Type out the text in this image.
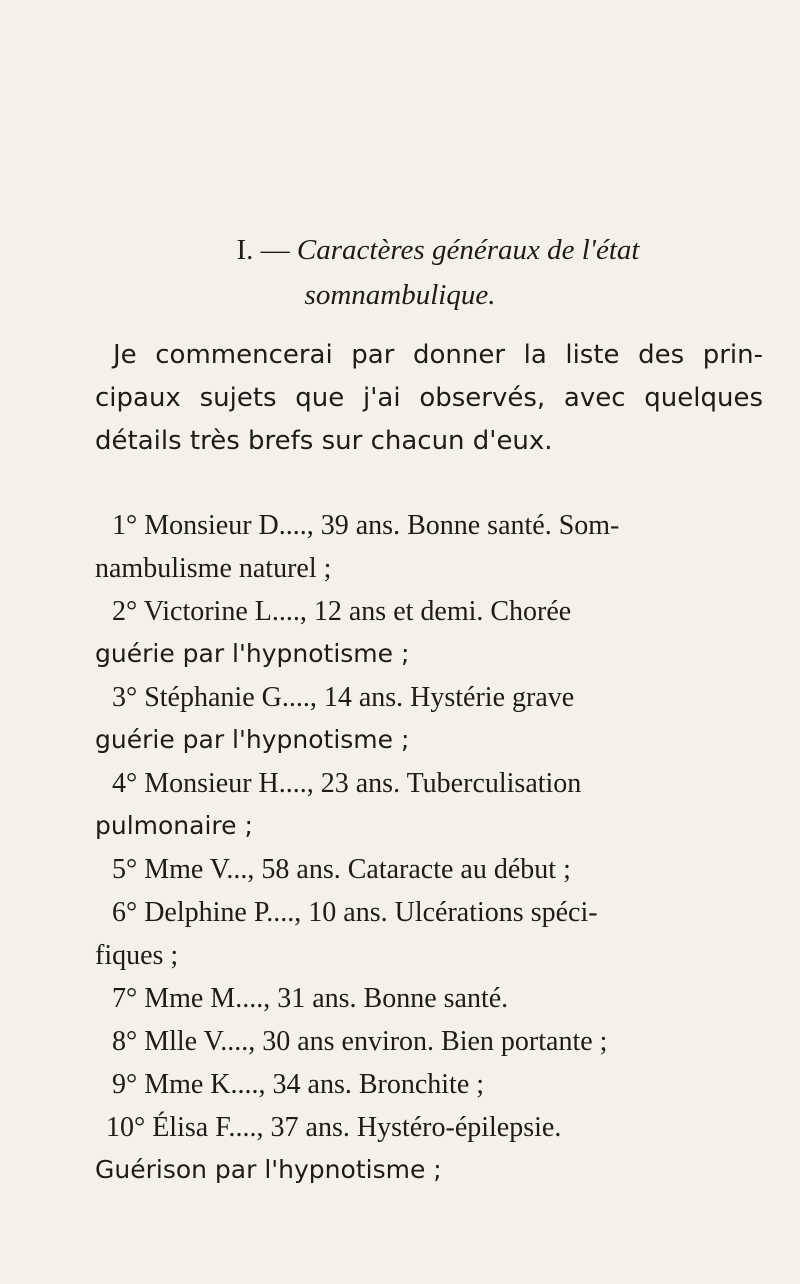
I. — Caractères généraux de l'état
somnambulique.
Je commencerai par donner la liste des prin-
cipaux sujets que j'ai observés, avec quelques
détails très brefs sur chacun d'eux.
1° Monsieur D...., 39 ans. Bonne santé. Som-
nambulisme naturel ;
2° Victorine L...., 12 ans et demi. Chorée
guérie par l'hypnotisme ;
3° Stéphanie G...., 14 ans. Hystérie grave
guérie par l'hypnotisme ;
4° Monsieur H...., 23 ans. Tuberculisation
pulmonaire ;
5° Mme V..., 58 ans. Cataracte au début ;
6° Delphine P...., 10 ans. Ulcérations spéci-
fiques ;
7° Mme M...., 31 ans. Bonne santé.
8° Mlle V...., 30 ans environ. Bien portante ;
9° Mme K...., 34 ans. Bronchite ;
10° Élisa F...., 37 ans. Hystéro-épilepsie.
Guérison par l'hypnotisme ;
